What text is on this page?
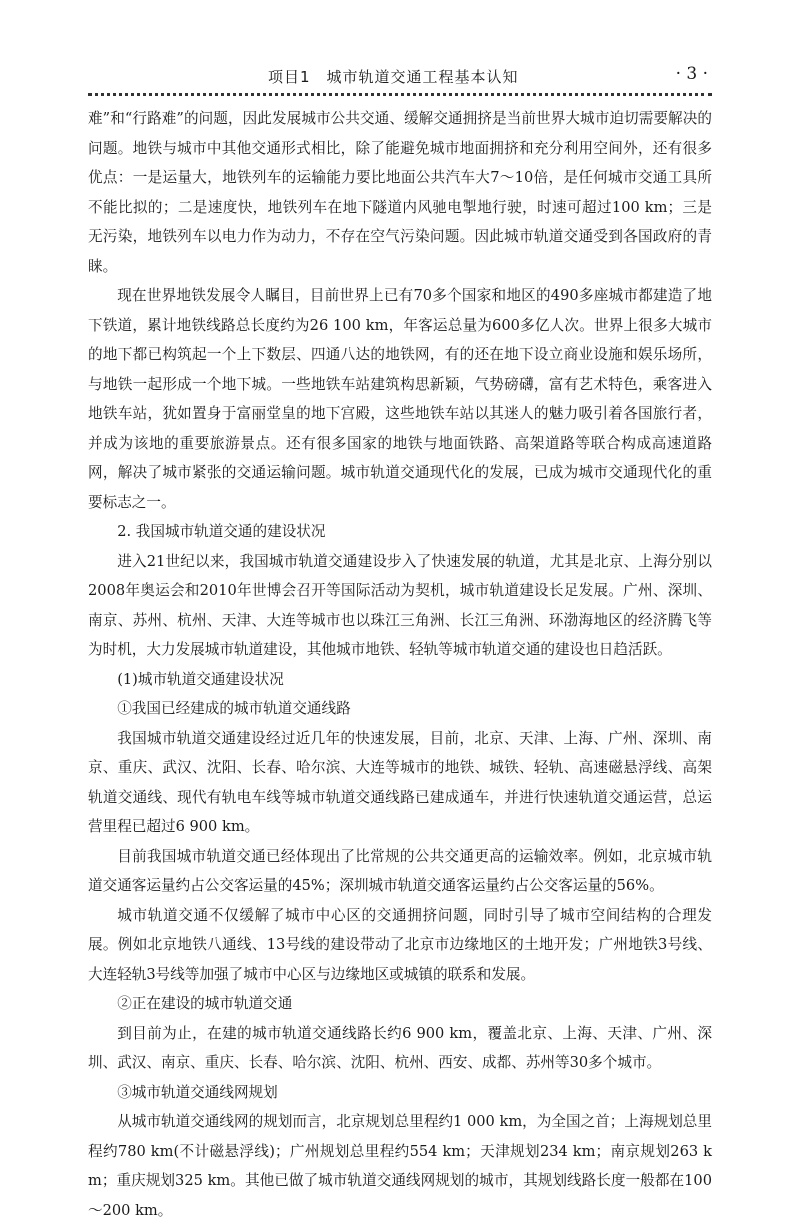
项目1　城市轨道交通工程基本认知	· 3 ·

难”和“行路难”的问题，因此发展城市公共交通、缓解交通拥挤是当前世界大城市迫切需要解决的问题。地铁与城市中其他交通形式相比，除了能避免城市地面拥挤和充分利用空间外，还有很多优点：一是运量大，地铁列车的运输能力要比地面公共汽车大7～10倍，是任何城市交通工具所不能比拟的；二是速度快，地铁列车在地下隧道内风驰电掣地行驶，时速可超过100 km；三是无污染，地铁列车以电力作为动力，不存在空气污染问题。因此城市轨道交通受到各国政府的青睐。

现在世界地铁发展令人瞩目，目前世界上已有70多个国家和地区的490多座城市都建造了地下铁道，累计地铁线路总长度约为26 100 km，年客运总量为600多亿人次。世界上很多大城市的地下都已构筑起一个上下数层、四通八达的地铁网，有的还在地下设立商业设施和娱乐场所，与地铁一起形成一个地下城。一些地铁车站建筑构思新颖，气势磅礴，富有艺术特色，乘客进入地铁车站，犹如置身于富丽堂皇的地下宫殿，这些地铁车站以其迷人的魅力吸引着各国旅行者，并成为该地的重要旅游景点。还有很多国家的地铁与地面铁路、高架道路等联合构成高速道路网，解决了城市紧张的交通运输问题。城市轨道交通现代化的发展，已成为城市交通现代化的重要标志之一。

2. 我国城市轨道交通的建设状况

进入21世纪以来，我国城市轨道交通建设步入了快速发展的轨道，尤其是北京、上海分别以2008年奥运会和2010年世博会召开等国际活动为契机，城市轨道建设长足发展。广州、深圳、南京、苏州、杭州、天津、大连等城市也以珠江三角洲、长江三角洲、环渤海地区的经济腾飞等为时机，大力发展城市轨道建设，其他城市地铁、轻轨等城市轨道交通的建设也日趋活跃。

(1)城市轨道交通建设状况

①我国已经建成的城市轨道交通线路

我国城市轨道交通建设经过近几年的快速发展，目前，北京、天津、上海、广州、深圳、南京、重庆、武汉、沈阳、长春、哈尔滨、大连等城市的地铁、城铁、轻轨、高速磁悬浮线、高架轨道交通线、现代有轨电车线等城市轨道交通线路已建成通车，并进行快速轨道交通运营，总运营里程已超过6 900 km。

目前我国城市轨道交通已经体现出了比常规的公共交通更高的运输效率。例如，北京城市轨道交通客运量约占公交客运量的45%；深圳城市轨道交通客运量约占公交客运量的56%。

城市轨道交通不仅缓解了城市中心区的交通拥挤问题，同时引导了城市空间结构的合理发展。例如北京地铁八通线、13号线的建设带动了北京市边缘地区的土地开发；广州地铁3号线、大连轻轨3号线等加强了城市中心区与边缘地区或城镇的联系和发展。

②正在建设的城市轨道交通

到目前为止，在建的城市轨道交通线路长约6 900 km，覆盖北京、上海、天津、广州、深圳、武汉、南京、重庆、长春、哈尔滨、沈阳、杭州、西安、成都、苏州等30多个城市。

③城市轨道交通线网规划

从城市轨道交通线网的规划而言，北京规划总里程约1 000 km，为全国之首；上海规划总里程约780 km(不计磁悬浮线)；广州规划总里程约554 km；天津规划234 km；南京规划263 km；重庆规划325 km。其他已做了城市轨道交通线网规划的城市，其规划线路长度一般都在100～200 km。
